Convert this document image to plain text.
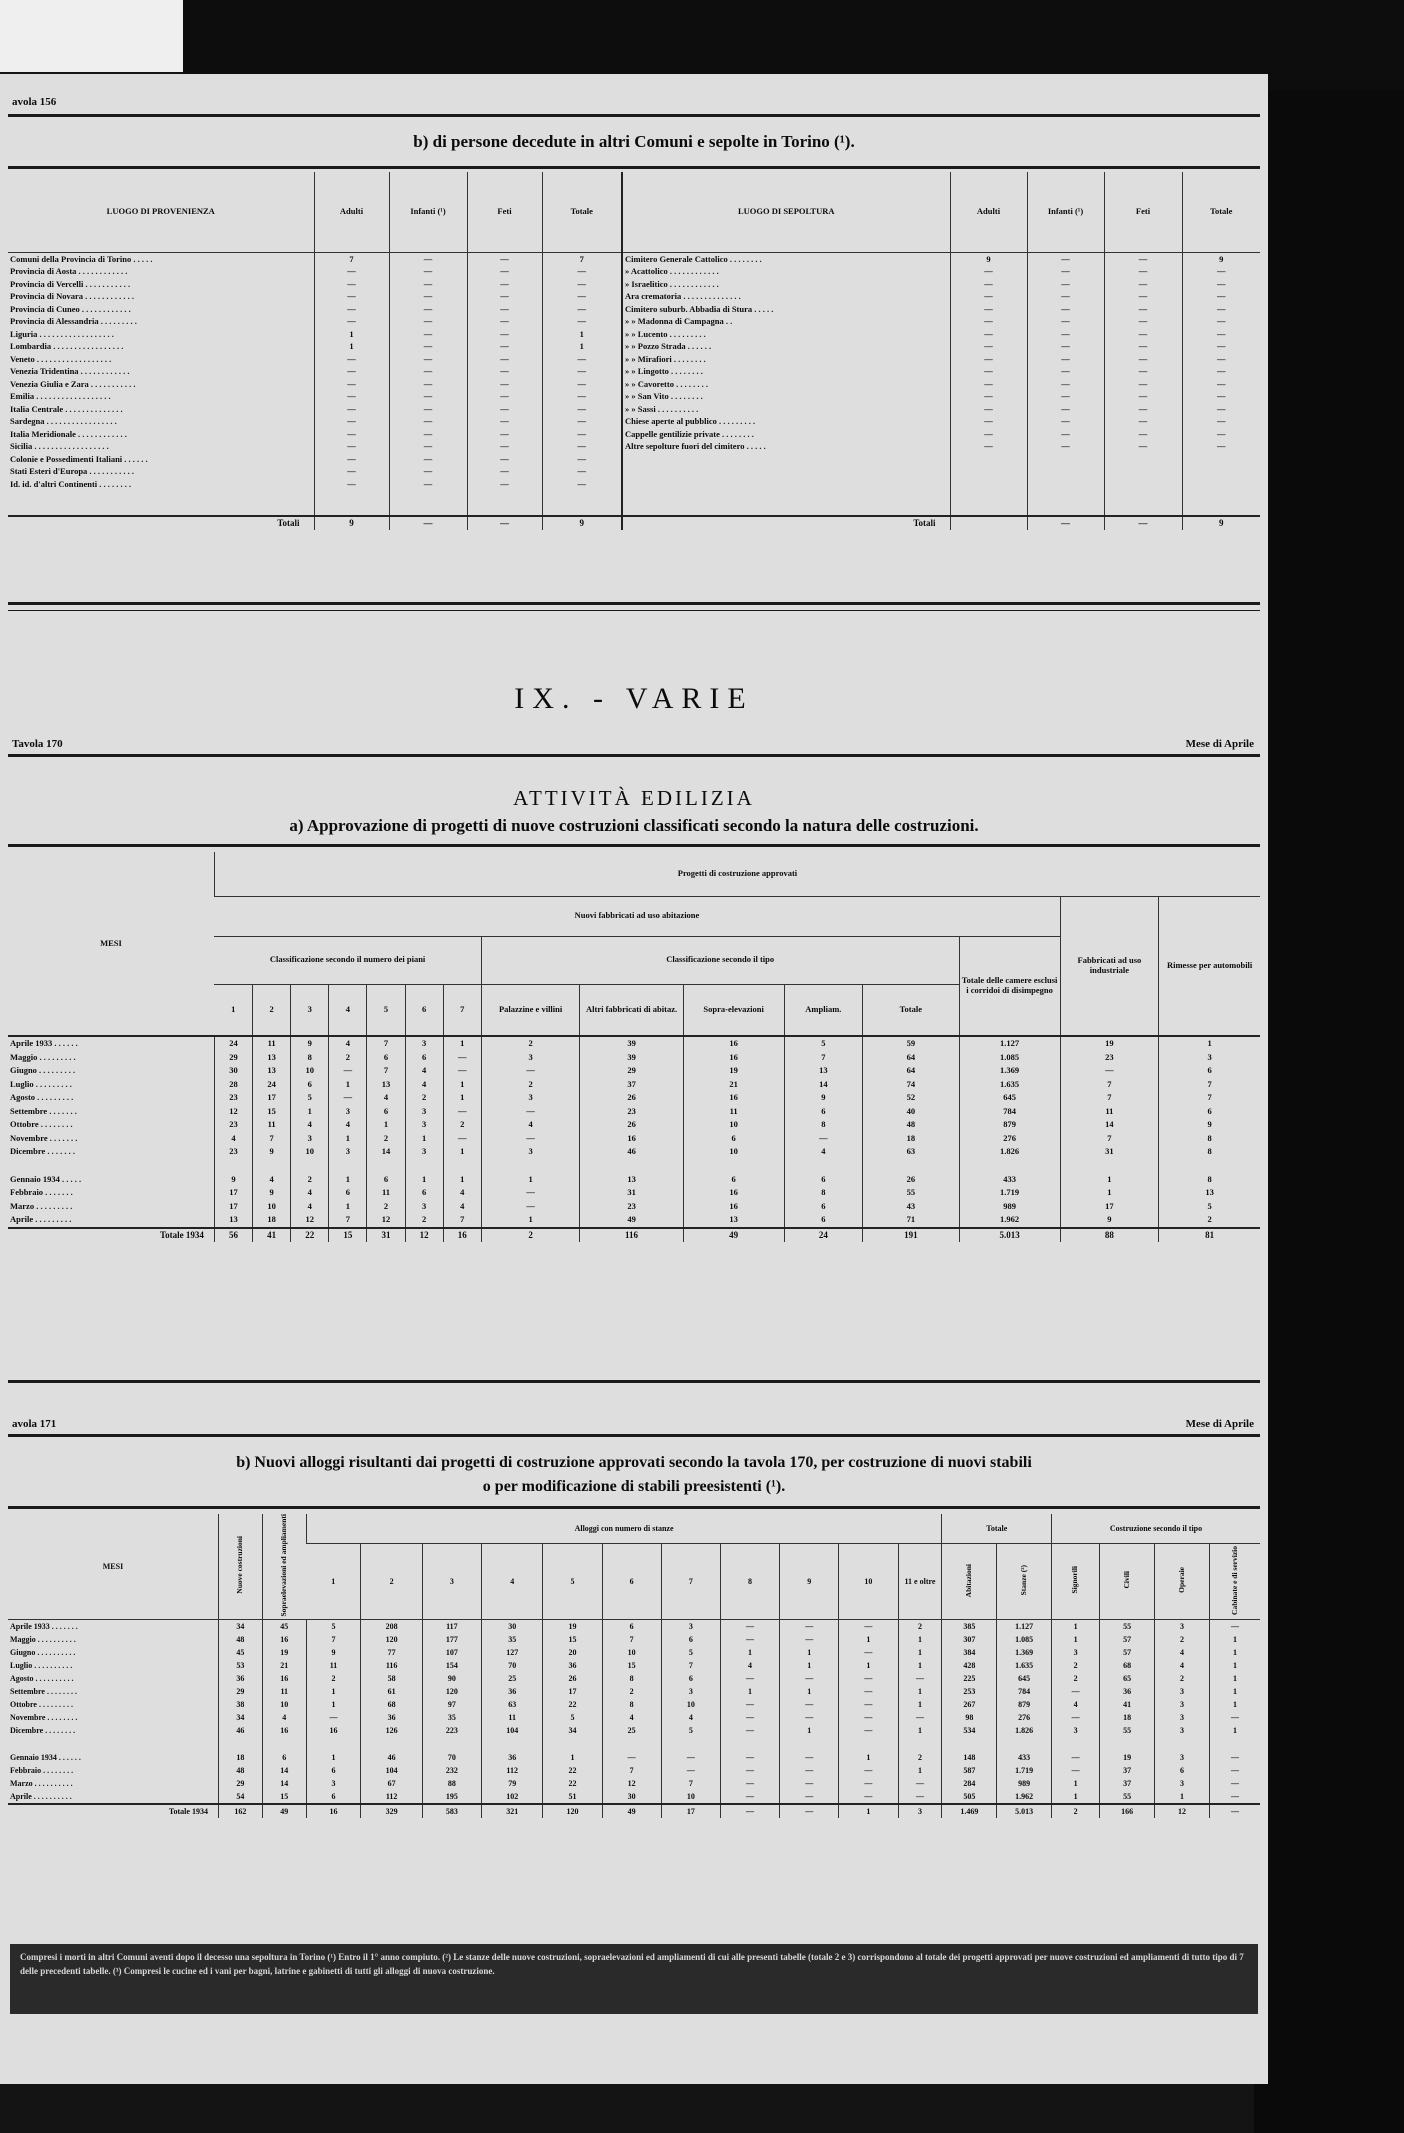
avola 156
b) di persone decedute in altri Comuni e sepolte in Torino (¹).
LUOGO DI PROVENIENZA	Adulti	Infanti (¹)	Feti	Totale	LUOGO DI SEPOLTURA	Adulti	Infanti (¹)	Feti	Totale
Comuni della Provincia di Torino . . . . .	7	—	—	7	Cimitero Generale Cattolico . . . . . . . .	9	—	—	9
Provincia di Aosta . . . . . . . . . . . .	—	—	—	—	» Acattolico . . . . . . . . . . . .	—	—	—	—
Provincia di Vercelli . . . . . . . . . . .	—	—	—	—	» Israelitico . . . . . . . . . . . .	—	—	—	—
Provincia di Novara . . . . . . . . . . . .	—	—	—	—	Ara crematoria . . . . . . . . . . . . . .	—	—	—	—
Provincia di Cuneo . . . . . . . . . . . .	—	—	—	—	Cimitero suburb. Abbadia di Stura . . . . .	—	—	—	—
Provincia di Alessandria . . . . . . . . .	—	—	—	—	» » Madonna di Campagna . .	—	—	—	—
Liguria . . . . . . . . . . . . . . . . . .	1	—	—	1	» » Lucento . . . . . . . . .	—	—	—	—
Lombardia . . . . . . . . . . . . . . . . .	1	—	—	1	» » Pozzo Strada . . . . . .	—	—	—	—
Veneto . . . . . . . . . . . . . . . . . .	—	—	—	—	» » Mirafiori . . . . . . . .	—	—	—	—
Venezia Tridentina . . . . . . . . . . . .	—	—	—	—	» » Lingotto . . . . . . . .	—	—	—	—
Venezia Giulia e Zara . . . . . . . . . . .	—	—	—	—	» » Cavoretto . . . . . . . .	—	—	—	—
Emilia . . . . . . . . . . . . . . . . . .	—	—	—	—	» » San Vito . . . . . . . .	—	—	—	—
Italia Centrale . . . . . . . . . . . . . .	—	—	—	—	» » Sassi . . . . . . . . . .	—	—	—	—
Sardegna . . . . . . . . . . . . . . . . .	—	—	—	—	Chiese aperte al pubblico . . . . . . . . .	—	—	—	—
Italia Meridionale . . . . . . . . . . . .	—	—	—	—	Cappelle gentilizie private . . . . . . . .	—	—	—	—
Sicilia . . . . . . . . . . . . . . . . . .	—	—	—	—	Altre sepolture fuori del cimitero . . . . .	—	—	—	—
Colonie e Possedimenti Italiani . . . . . .	—	—	—	—					
Stati Esteri d'Europa . . . . . . . . . . .	—	—	—	—					
Id. id. d'altri Continenti . . . . . . . .	—	—	—	—					

Totali	9	—	—	9	Totali		—	—	9
IX. - VARIE
Tavola 170	Mese di Aprile
ATTIVITÀ EDILIZIA
a) Approvazione di progetti di nuove costruzioni classificati secondo la natura delle costruzioni.
MESI	Progetti di costruzione approvati														
	Nuovi fabbricati ad uso abitazione													Fabbricati ad uso industriale	Rimesse per automobili
	Classificazione secondo il numero dei piani							Classificazione secondo il tipo					Totale delle camere esclusi i corridoi di disimpegno		
	1	2	3	4	5	6	7	Palazzine e villini	Altri fabbricati di abitaz.	Sopra-elevazioni	Ampliam.	Totale			
Aprile 1933 . . . . . .	24	11	9	4	7	3	1	2	39	16	5	59	1.127	19	1
Maggio . . . . . . . . .	29	13	8	2	6	6	—	3	39	16	7	64	1.085	23	3
Giugno . . . . . . . . .	30	13	10	—	7	4	—	—	29	19	13	64	1.369	—	6
Luglio . . . . . . . . .	28	24	6	1	13	4	1	2	37	21	14	74	1.635	7	7
Agosto . . . . . . . . .	23	17	5	—	4	2	1	3	26	16	9	52	645	7	7
Settembre . . . . . . .	12	15	1	3	6	3	—	—	23	11	6	40	784	11	6
Ottobre . . . . . . . .	23	11	4	4	1	3	2	4	26	10	8	48	879	14	9
Novembre . . . . . . .	4	7	3	1	2	1	—	—	16	6	—	18	276	7	8
Dicembre . . . . . . .	23	9	10	3	14	3	1	3	46	10	4	63	1.826	31	8

Gennaio 1934 . . . . .	9	4	2	1	6	1	1	1	13	6	6	26	433	1	8
Febbraio . . . . . . .	17	9	4	6	11	6	4	—	31	16	8	55	1.719	1	13
Marzo . . . . . . . . .	17	10	4	1	2	3	4	—	23	16	6	43	989	17	5
Aprile . . . . . . . . .	13	18	12	7	12	2	7	1	49	13	6	71	1.962	9	2
Totale 1934	56	41	22	15	31	12	16	2	116	49	24	191	5.013	88	81
avola 171	Mese di Aprile
b) Nuovi alloggi risultanti dai progetti di costruzione approvati secondo la tavola 170, per costruzione di nuovi stabili
o per modificazione di stabili preesistenti (¹).
MESI	Nuove costruzioni	Sopraelevazioni ed ampliamenti	Alloggi con numero di stanze											Totale		Costruzione secondo il tipo			
			1	2	3	4	5	6	7	8	9	10	11 e oltre	Abitazioni	Stanze (²)	Signorili	Civili	Operaie	Cabinate e di servizio
Aprile 1933 . . . . . . .	34	45	5	208	117	30	19	6	3	—	—	—	2	385	1.127	1	55	3	—
Maggio . . . . . . . . . .	48	16	7	120	177	35	15	7	6	—	—	1	1	307	1.085	1	57	2	1
Giugno . . . . . . . . . .	45	19	9	77	107	127	20	10	5	1	1	—	1	384	1.369	3	57	4	1
Luglio . . . . . . . . . .	53	21	11	116	154	70	36	15	7	4	1	1	1	428	1.635	2	68	4	1
Agosto . . . . . . . . . .	36	16	2	58	90	25	26	8	6	—	—	—	—	225	645	2	65	2	1
Settembre . . . . . . . .	29	11	1	61	120	36	17	2	3	1	1	—	1	253	784	—	36	3	1
Ottobre . . . . . . . . .	38	10	1	68	97	63	22	8	10	—	—	—	1	267	879	4	41	3	1
Novembre . . . . . . . .	34	4	—	36	35	11	5	4	4	—	—	—	—	98	276	—	18	3	—
Dicembre . . . . . . . .	46	16	16	126	223	104	34	25	5	—	1	—	1	534	1.826	3	55	3	1

Gennaio 1934 . . . . . .	18	6	1	46	70	36	1	—	—	—	—	1	2	148	433	—	19	3	—
Febbraio . . . . . . . .	48	14	6	104	232	112	22	7	—	—	—	—	1	587	1.719	—	37	6	—
Marzo . . . . . . . . . .	29	14	3	67	88	79	22	12	7	—	—	—	—	284	989	1	37	3	—
Aprile . . . . . . . . . .	54	15	6	112	195	102	51	30	10	—	—	—	—	505	1.962	1	55	1	—
Totale 1934	162	49	16	329	583	321	120	49	17	—	—	1	3	1.469	5.013	2	166	12	—
Compresi i morti in altri Comuni aventi dopo il decesso una sepoltura in Torino (¹) Entro il 1° anno compiuto. (²) Le stanze delle nuove costruzioni, sopraelevazioni ed ampliamenti di cui alle presenti tabelle (totale 2 e 3) corrispondono al totale dei progetti approvati per nuove costruzioni ed ampliamenti di tutto tipo di 7 delle precedenti tabelle. (³) Compresi le cucine ed i vani per bagni, latrine e gabinetti di tutti gli alloggi di nuova costruzione.
